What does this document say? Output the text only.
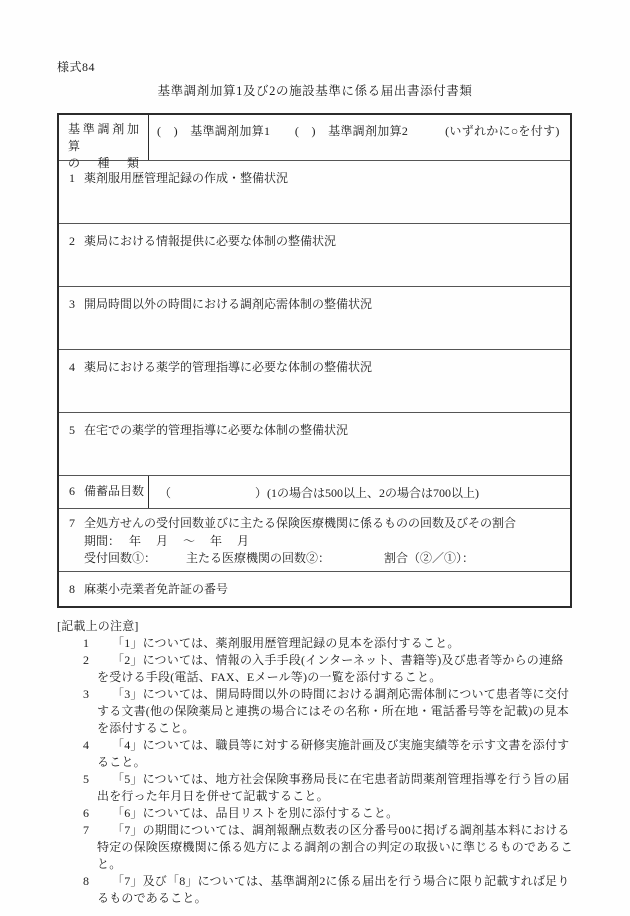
様式84
基準調剤加算1及び2の施設基準に係る届出書添付書類
基準調剤加算
の　種　類
(　)　基準調剤加算1　　(　)　基準調剤加算2　　　(いずれかに○を付す)
1 薬剤服用歴管理記録の作成・整備状況
2 薬局における情報提供に必要な体制の整備状況
3 開局時間以外の時間における調剤応需体制の整備状況
4 薬局における薬学的管理指導に必要な体制の整備状況
5 在宅での薬学的管理指導に必要な体制の整備状況
6 備蓄品目数	（　　　　　　　）(1の場合は500以上、2の場合は700以上)
7 全処方せんの受付回数並びに主たる保険医療機関に係るものの回数及びその割合
期間：　 年　 月　 ～　 年　 月
受付回数①：　　　主たる医療機関の回数②：　　　　　割合（②／①）：
8 麻薬小売業者免許証の番号
[記載上の注意]
1 「1」については、薬剤服用歴管理記録の見本を添付すること。
2 「2」については、情報の入手手段(インターネット、書籍等)及び患者等からの連絡を受ける手段(電話、FAX、Eメール等)の一覧を添付すること。
3 「3」については、開局時間以外の時間における調剤応需体制について患者等に交付する文書(他の保険薬局と連携の場合にはその名称・所在地・電話番号等を記載)の見本を添付すること。
4 「4」については、職員等に対する研修実施計画及び実施実績等を示す文書を添付すること。
5 「5」については、地方社会保険事務局長に在宅患者訪問薬剤管理指導を行う旨の届出を行った年月日を併せて記載すること。
6 「6」については、品目リストを別に添付すること。
7 「7」の期間については、調剤報酬点数表の区分番号00に掲げる調剤基本料における特定の保険医療機関に係る処方による調剤の割合の判定の取扱いに準じるものであること。
8 「7」及び「8」については、基準調剤2に係る届出を行う場合に限り記載すれば足りるものであること。
